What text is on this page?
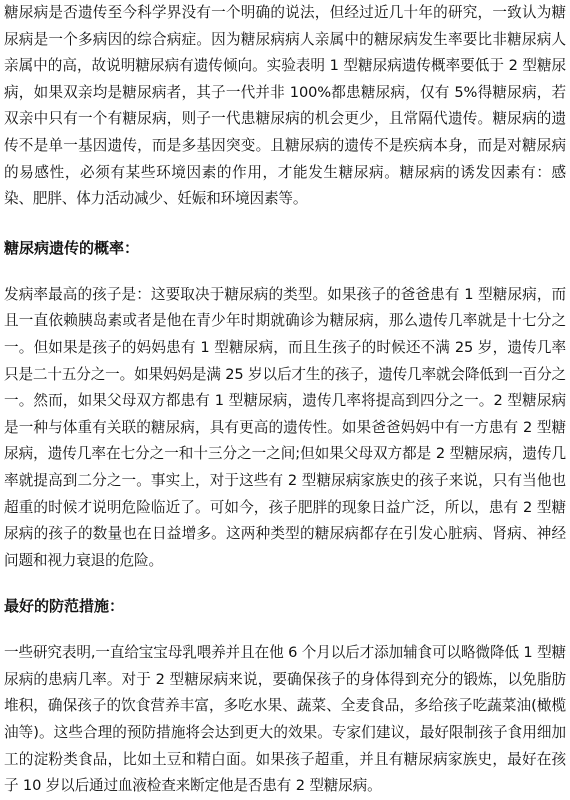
糖尿病是否遗传至今科学界没有一个明确的说法，但经过近几十年的研究，一致认为糖尿病是一个多病因的综合病症。因为糖尿病病人亲属中的糖尿病发生率要比非糖尿病人亲属中的高，故说明糖尿病有遗传倾向。实验表明 1 型糖尿病遗传概率要低于 2 型糖尿病，如果双亲均是糖尿病者，其子一代并非 100%都患糖尿病，仅有 5%得糖尿病，若双亲中只有一个有糖尿病，则子一代患糖尿病的机会更少，且常隔代遗传。糖尿病的遗传不是单一基因遗传，而是多基因突变。且糖尿病的遗传不是疾病本身，而是对糖尿病的易感性，必须有某些环境因素的作用，才能发生糖尿病。糖尿病的诱发因素有：感染、肥胖、体力活动减少、妊娠和环境因素等。

糖尿病遗传的概率：

发病率最高的孩子是：这要取决于糖尿病的类型。如果孩子的爸爸患有 1 型糖尿病，而且一直依赖胰岛素或者是他在青少年时期就确诊为糖尿病，那么遗传几率就是十七分之一。但如果是孩子的妈妈患有 1 型糖尿病，而且生孩子的时候还不满 25 岁，遗传几率只是二十五分之一。如果妈妈是满 25 岁以后才生的孩子，遗传几率就会降低到一百分之一。然而，如果父母双方都患有 1 型糖尿病，遗传几率将提高到四分之一。2 型糖尿病是一种与体重有关联的糖尿病，具有更高的遗传性。如果爸爸妈妈中有一方患有 2 型糖尿病，遗传几率在七分之一和十三分之一之间;但如果父母双方都是 2 型糖尿病，遗传几率就提高到二分之一。事实上，对于这些有 2 型糖尿病家族史的孩子来说，只有当他也超重的时候才说明危险临近了。可如今，孩子肥胖的现象日益广泛，所以，患有 2 型糖尿病的孩子的数量也在日益增多。这两种类型的糖尿病都存在引发心脏病、肾病、神经问题和视力衰退的危险。

最好的防范措施：

一些研究表明,一直给宝宝母乳喂养并且在他 6 个月以后才添加辅食可以略微降低 1 型糖尿病的患病几率。对于 2 型糖尿病来说，要确保孩子的身体得到充分的锻炼，以免脂肪堆积，确保孩子的饮食营养丰富，多吃水果、蔬菜、全麦食品，多给孩子吃蔬菜油(橄榄油等)。这些合理的预防措施将会达到更大的效果。专家们建议，最好限制孩子食用细加工的淀粉类食品，比如土豆和精白面。如果孩子超重，并且有糖尿病家族史，最好在孩子 10 岁以后通过血液检查来断定他是否患有 2 型糖尿病。
